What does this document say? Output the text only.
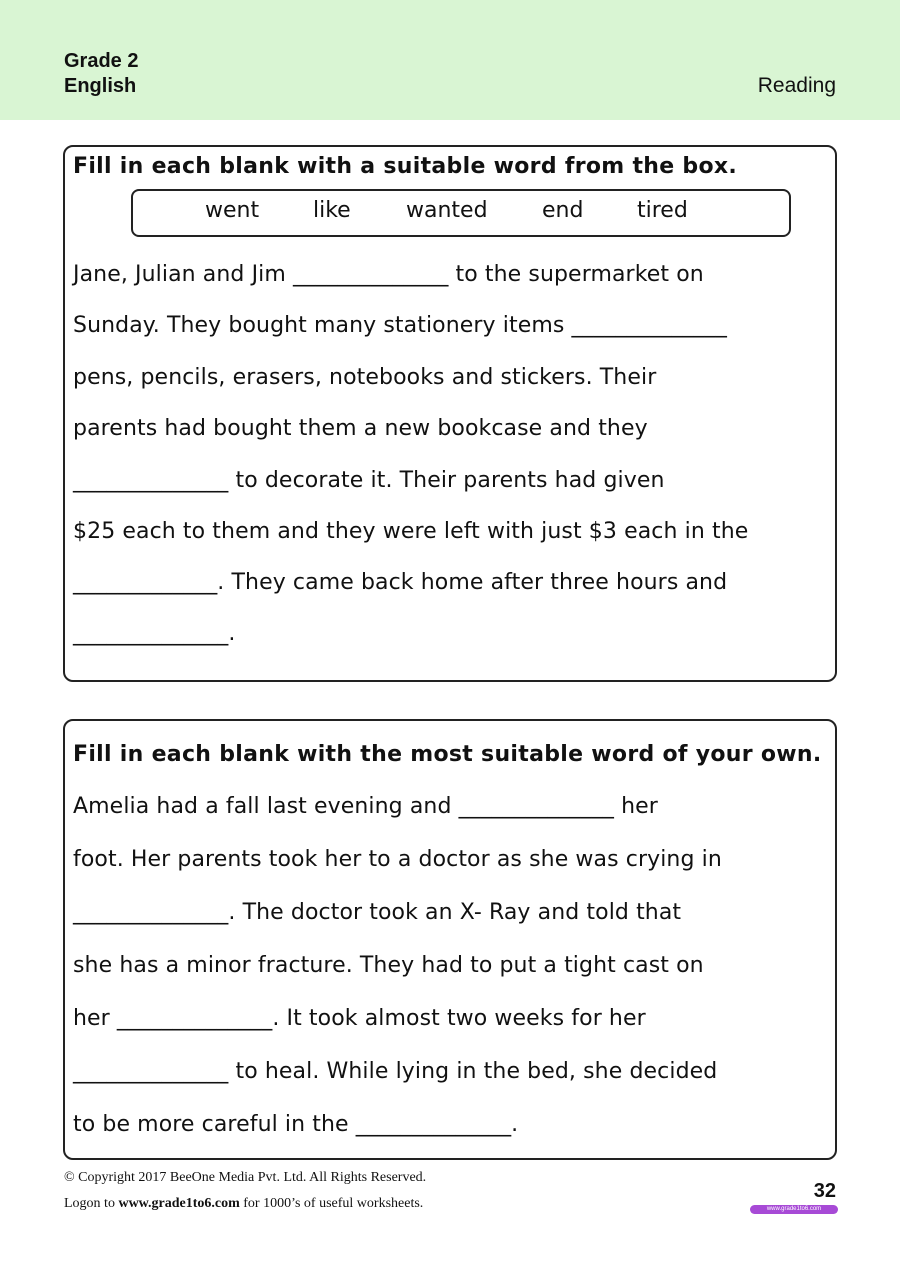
Grade 2
English	Reading
Fill in each blank with a suitable word from the box.
went like	wanted end tired
Jane, Julian and Jim ______________ to the supermarket on
Sunday. They bought many stationery items ______________
pens, pencils, erasers, notebooks and stickers. Their
parents had bought them a new bookcase and they
______________ to decorate it. Their parents had given
$25 each to them and they were left with just $3 each in the
_____________. They came back home after three hours and
______________.
Fill in each blank with the most suitable word of your own.
Amelia had a fall last evening and ______________ her
foot. Her parents took her to a doctor as she was crying in
______________. The doctor took an X- Ray and told that
she has a minor fracture. They had to put a tight cast on
her ______________. It took almost two weeks for her
______________ to heal. While lying in the bed, she decided
to be more careful in the ______________.
© Copyright 2017 BeeOne Media Pvt. Ltd. All Rights Reserved.
Logon to www.grade1to6.com for 1000’s of useful worksheets.
32
www.grade1to6.com
